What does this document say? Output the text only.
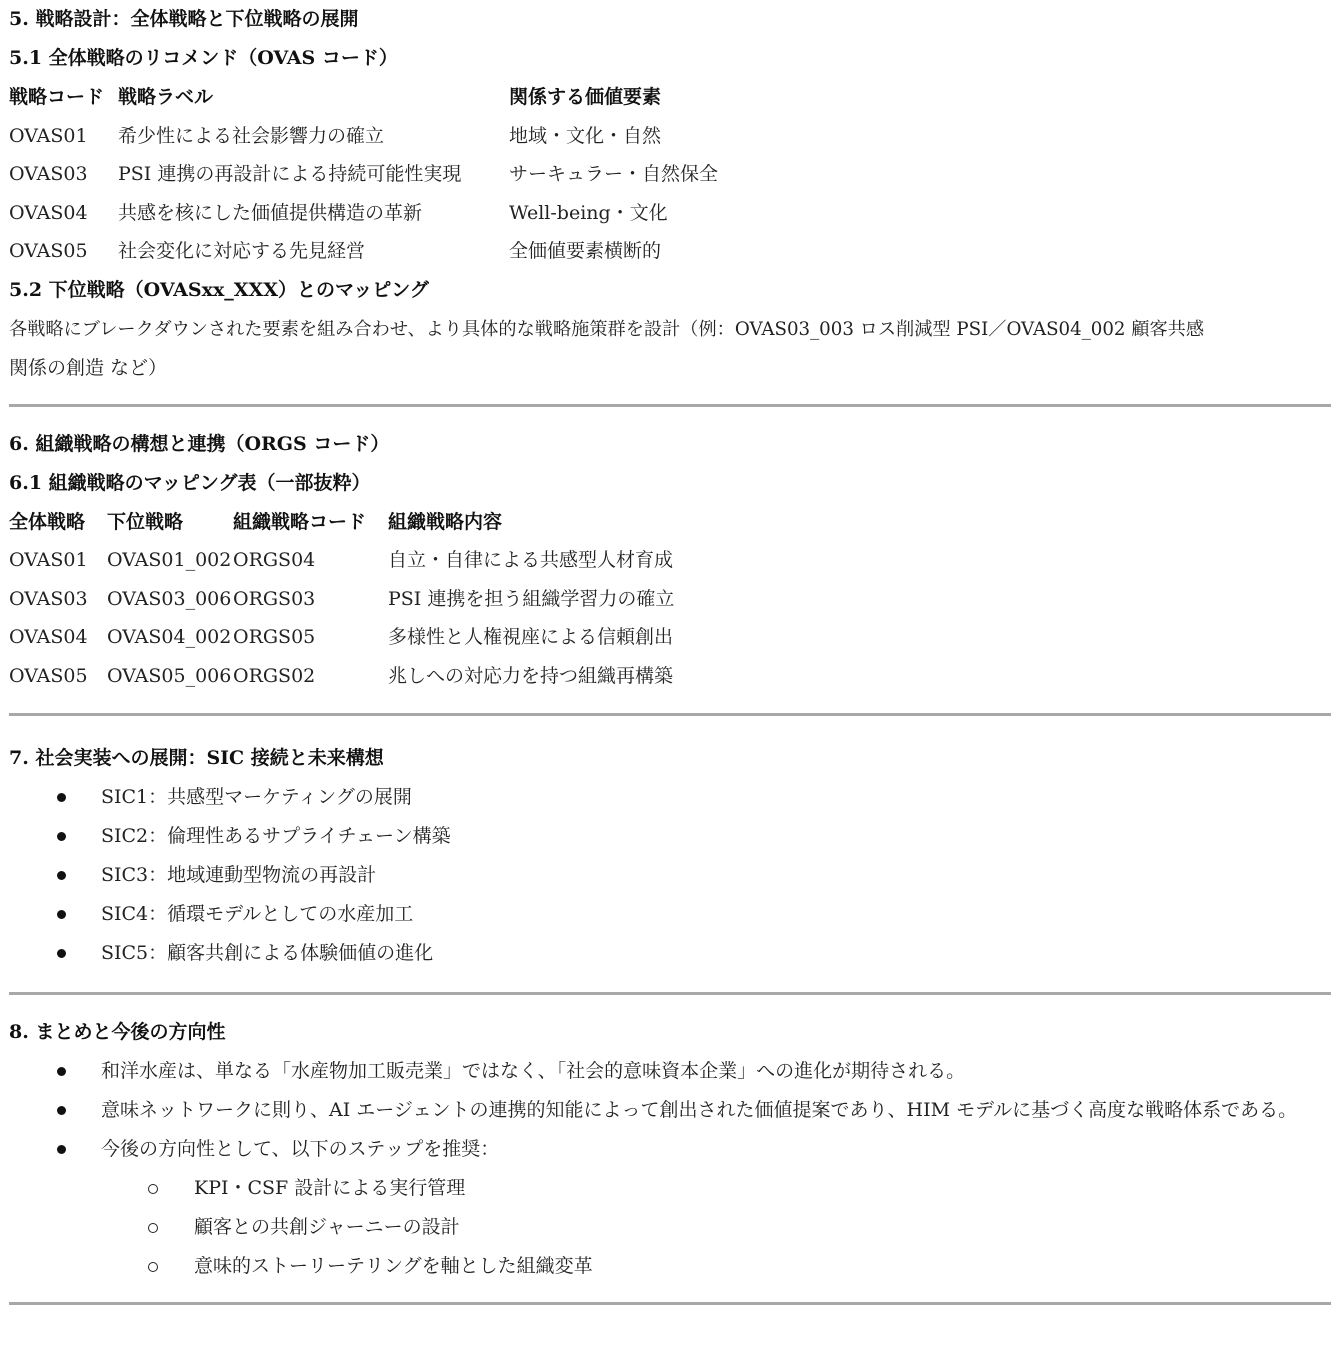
5. 戦略設計：全体戦略と下位戦略の展開
5.1 全体戦略のリコメンド（OVAS コード）
戦略コード 戦略ラベル	関係する価値要素
OVAS01 希少性による社会影響力の確立	地域・文化・自然
OVAS03 PSI 連携の再設計による持続可能性実現	サーキュラー・自然保全
OVAS04 共感を核にした価値提供構造の革新	Well-being・文化
OVAS05 社会変化に対応する先見経営	全価値要素横断的
5.2 下位戦略（OVASxx_XXX）とのマッピング
各戦略にブレークダウンされた要素を組み合わせ、より具体的な戦略施策群を設計（例：OVAS03_003 ロス削減型 PSI／OVAS04_002 顧客共感
関係の創造 など）
6. 組織戦略の構想と連携（ORGS コード）
6.1 組織戦略のマッピング表（一部抜粋）
全体戦略 下位戦略	組織戦略コード 組織戦略内容
OVAS01 OVAS01_002 ORGS04	自立・自律による共感型人材育成
OVAS03 OVAS03_006 ORGS03	PSI 連携を担う組織学習力の確立
OVAS04 OVAS04_002 ORGS05	多様性と人権視座による信頼創出
OVAS05 OVAS05_006 ORGS02	兆しへの対応力を持つ組織再構築
7. 社会実装への展開：SIC 接続と未来構想
SIC1：共感型マーケティングの展開
SIC2：倫理性あるサプライチェーン構築
SIC3：地域連動型物流の再設計
SIC4：循環モデルとしての水産加工
SIC5：顧客共創による体験価値の進化
8. まとめと今後の方向性
和洋水産は、単なる「水産物加工販売業」ではなく、「社会的意味資本企業」への進化が期待される。
意味ネットワークに則り、AI エージェントの連携的知能によって創出された価値提案であり、HIM モデルに基づく高度な戦略体系である。
今後の方向性として、以下のステップを推奨：
KPI・CSF 設計による実行管理
顧客との共創ジャーニーの設計
意味的ストーリーテリングを軸とした組織変革
